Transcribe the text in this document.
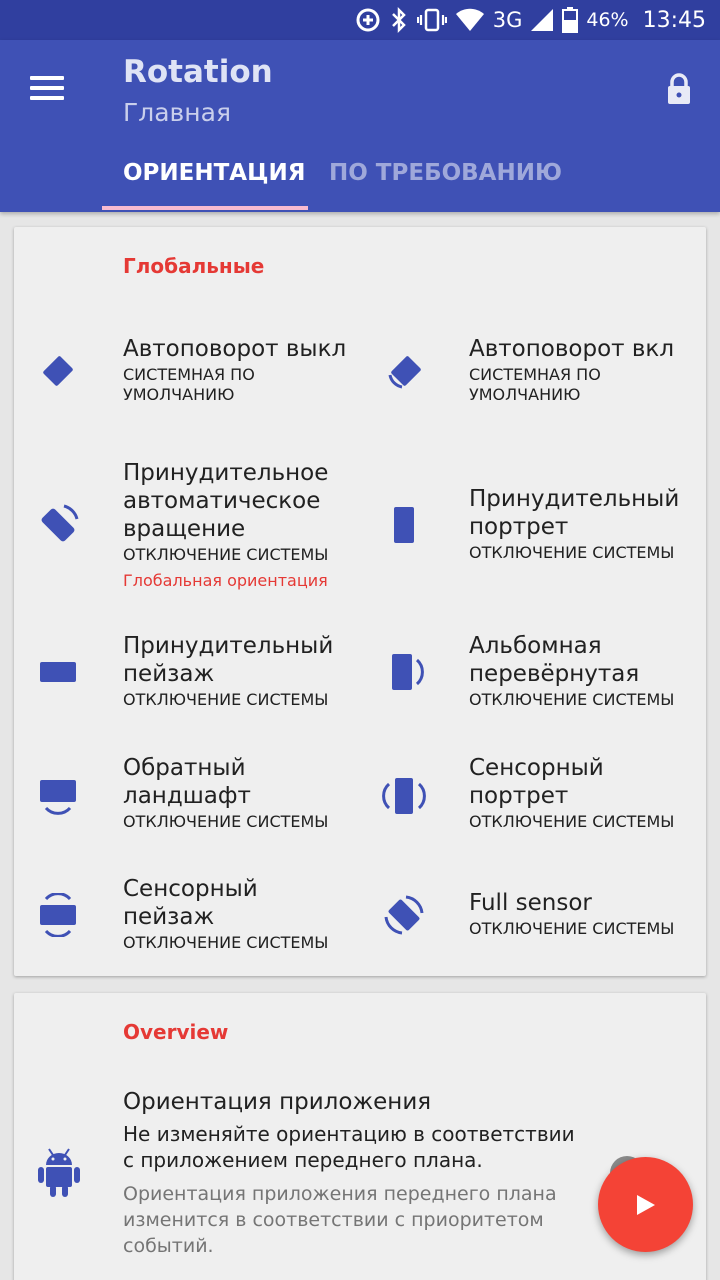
3G	46% 13:45
Rotation
Главная
ОРИЕНТАЦИЯ ПО ТРЕБОВАНИЮ
Глобальные
Автоповорот выкл
СИСТЕМНАЯ ПО УМОЛЧАНИЮ
Автоповорот вкл
СИСТЕМНАЯ ПО УМОЛЧАНИЮ
Принудительное автоматическое вращение
ОТКЛЮЧЕНИЕ СИСТЕМЫ
Глобальная ориентация
Принудительный портрет
ОТКЛЮЧЕНИЕ СИСТЕМЫ
Принудительный пейзаж
ОТКЛЮЧЕНИЕ СИСТЕМЫ
Альбомная перевёрнутая
ОТКЛЮЧЕНИЕ СИСТЕМЫ
Обратный ландшафт
ОТКЛЮЧЕНИЕ СИСТЕМЫ
Сенсорный портрет
ОТКЛЮЧЕНИЕ СИСТЕМЫ
Сенсорный пейзаж
ОТКЛЮЧЕНИЕ СИСТЕМЫ
Full sensor
ОТКЛЮЧЕНИЕ СИСТЕМЫ
Overview
Ориентация приложения
Не изменяйте ориентацию в соответствии с приложением переднего плана.
Ориентация приложения переднего плана изменится в соответствии с приоритетом событий.
